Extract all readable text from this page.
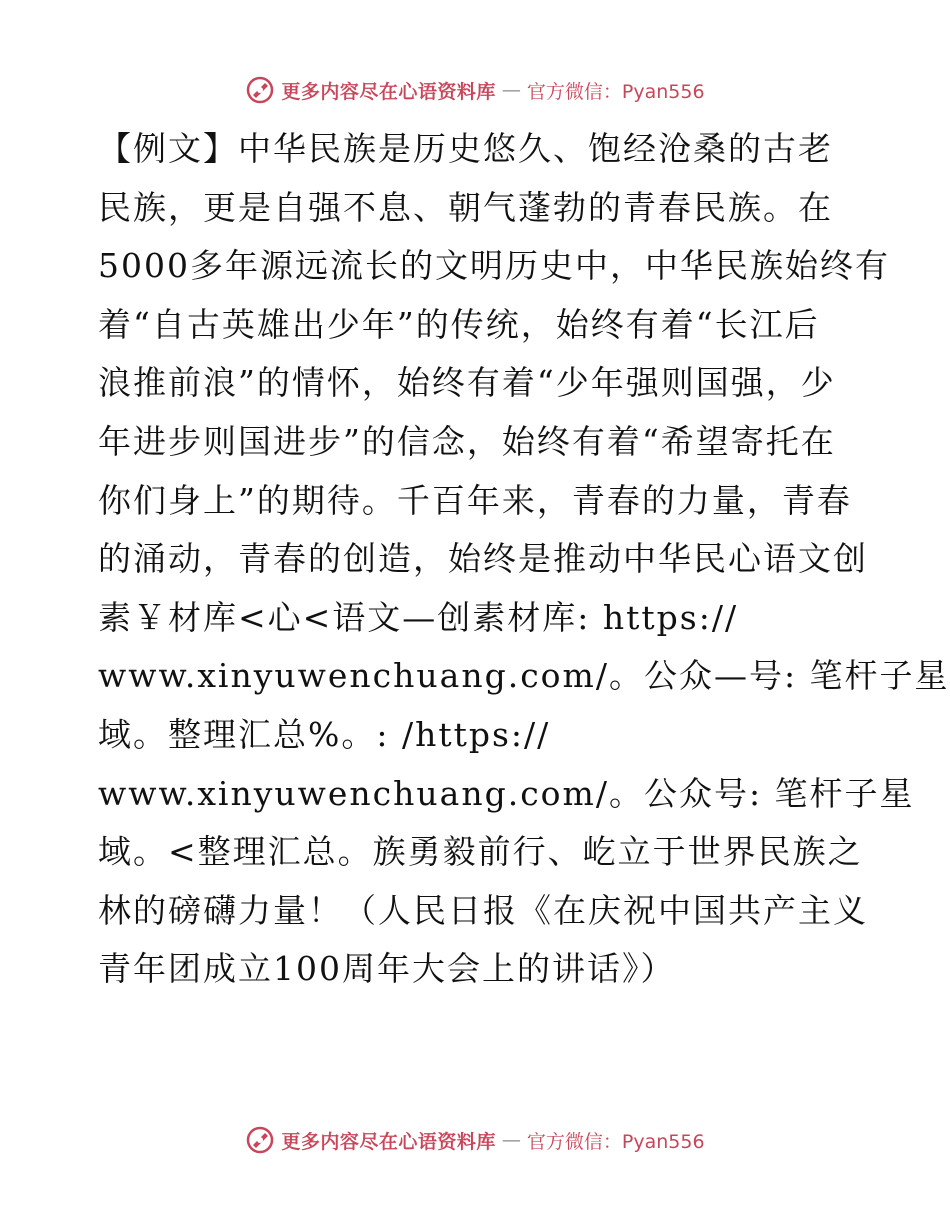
更多内容尽在心语资料库 — 官方微信：Pyan556
【例文】中华民族是历史悠久、饱经沧桑的古老
民族，更是自强不息、朝气蓬勃的青春民族。在
5000多年源远流长的文明历史中，中华民族始终有
着“自古英雄出少年”的传统，始终有着“长江后
浪推前浪”的情怀，始终有着“少年强则国强，少
年进步则国进步”的信念，始终有着“希望寄托在
你们身上”的期待。千百年来，青春的力量，青春
的涌动，青春的创造，始终是推动中华民心语文创
素￥材库<心<语文—创素材库: https://
www.xinyuwenchuang.com/。公众—号: 笔杆子星
域。整理汇总%。: /https://
www.xinyuwenchuang.com/。公众号: 笔杆子星
域。<整理汇总。族勇毅前行、屹立于世界民族之
林的磅礴力量！（人民日报《在庆祝中国共产主义
青年团成立100周年大会上的讲话》）
更多内容尽在心语资料库 — 官方微信：Pyan556
